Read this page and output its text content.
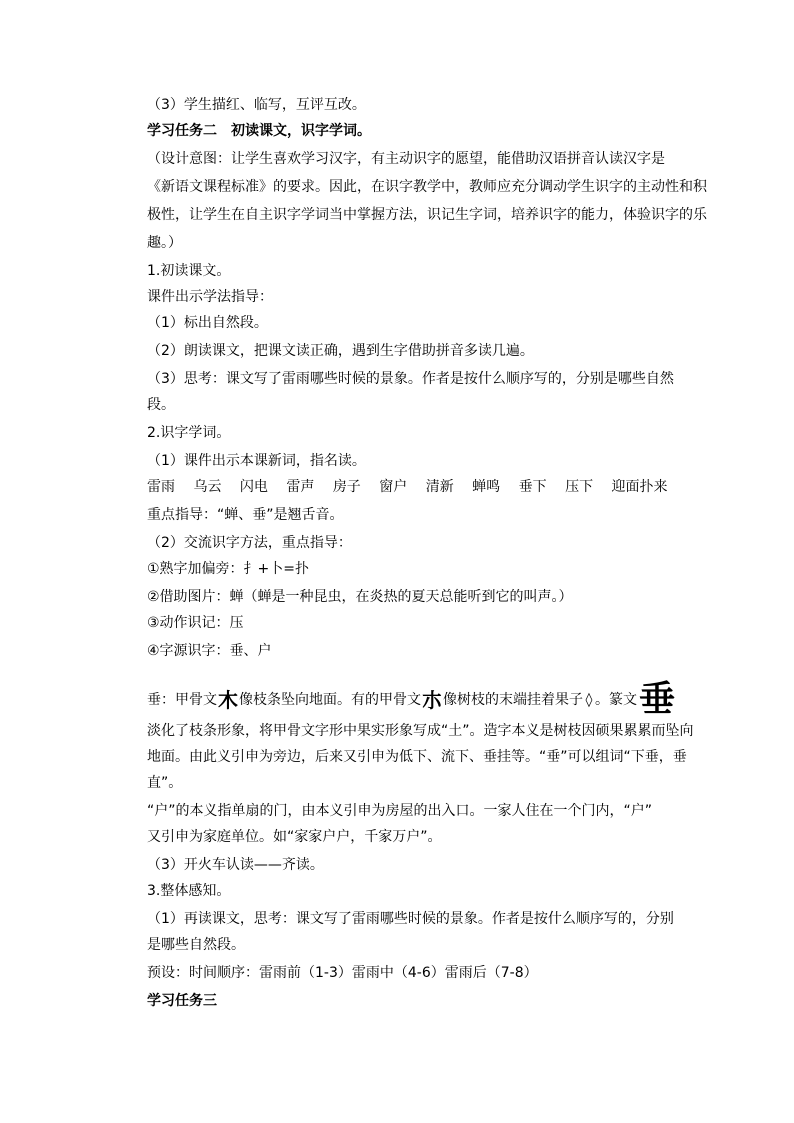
（3）学生描红、临写，互评互改。
学习任务二　初读课文，识字学词。
（设计意图：让学生喜欢学习汉字，有主动识字的愿望，能借助汉语拼音认读汉字是
《新语文课程标准》的要求。因此，在识字教学中，教师应充分调动学生识字的主动性和积
极性，让学生在自主识字学词当中掌握方法，识记生字词，培养识字的能力，体验识字的乐
趣。）
1.初读课文。
课件出示学法指导：
（1）标出自然段。
（2）朗读课文，把课文读正确，遇到生字借助拼音多读几遍。
（3）思考：课文写了雷雨哪些时候的景象。作者是按什么顺序写的，分别是哪些自然
段。
2.识字学词。
（1）课件出示本课新词，指名读。
雷雨 乌云 闪电 雷声 房子 窗户 清新 蝉鸣 垂下 压下 迎面扑来
重点指导：“蝉、垂”是翘舌音。
（2）交流识字方法，重点指导：
①熟字加偏旁：扌+卜=扑
②借助图片：蝉（蝉是一种昆虫，在炎热的夏天总能听到它的叫声。）
③动作识记：压
④字源识字：垂、户
垂：甲骨文木像枝条坠向地面。有的甲骨文朩像树枝的末端挂着果子 ◊ 。篆文垂
淡化了枝条形象，将甲骨文字形中果实形象写成“土”。造字本义是树枝因硕果累累而坠向
地面。由此义引申为旁边，后来又引申为低下、流下、垂挂等。“垂”可以组词“下垂，垂
直”。
“户”的本义指单扇的门，由本义引申为房屋的出入口。一家人住在一个门内，“户”
又引申为家庭单位。如“家家户户，千家万户”。
（3）开火车认读——齐读。
3.整体感知。
（1）再读课文，思考：课文写了雷雨哪些时候的景象。作者是按什么顺序写的，分别
是哪些自然段。
预设：时间顺序：雷雨前（1-3）雷雨中（4-6）雷雨后（7-8）
学习任务三
